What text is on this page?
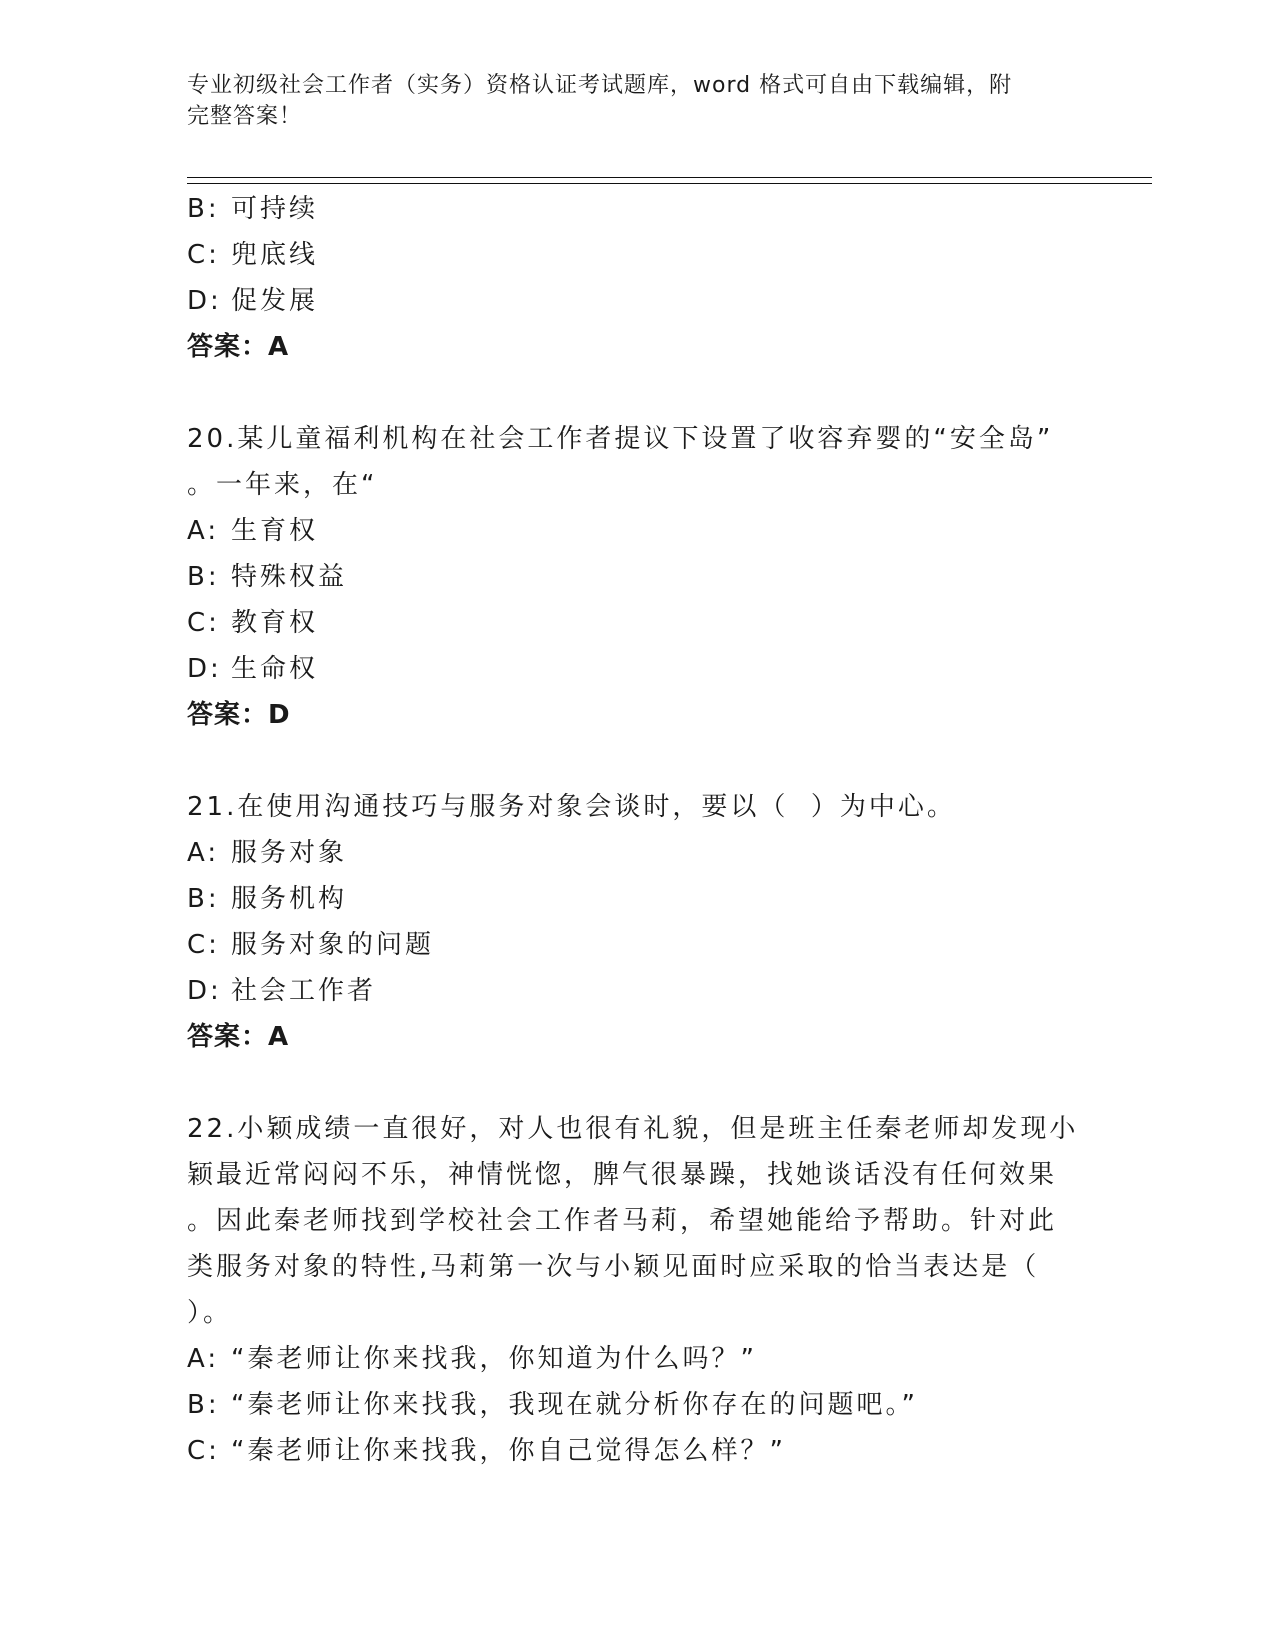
专业初级社会工作者（实务）资格认证考试题库，word 格式可自由下载编辑，附
完整答案！
B: 可持续
C: 兜底线
D: 促发展
答案：A
20.某儿童福利机构在社会工作者提议下设置了收容弃婴的“安全岛”
。一年来，在“
A: 生育权
B: 特殊权益
C: 教育权
D: 生命权
答案：D
21.在使用沟通技巧与服务对象会谈时，要以（  ）为中心。
A: 服务对象
B: 服务机构
C: 服务对象的问题
D: 社会工作者
答案：A
22.小颖成绩一直很好，对人也很有礼貌，但是班主任秦老师却发现小
颖最近常闷闷不乐，神情恍惚，脾气很暴躁，找她谈话没有任何效果
。因此秦老师找到学校社会工作者马莉，希望她能给予帮助。针对此
类服务对象的特性,马莉第一次与小颖见面时应采取的恰当表达是（
）。
A: “秦老师让你来找我，你知道为什么吗？”
B: “秦老师让你来找我，我现在就分析你存在的问题吧。”
C: “秦老师让你来找我，你自己觉得怎么样？”
